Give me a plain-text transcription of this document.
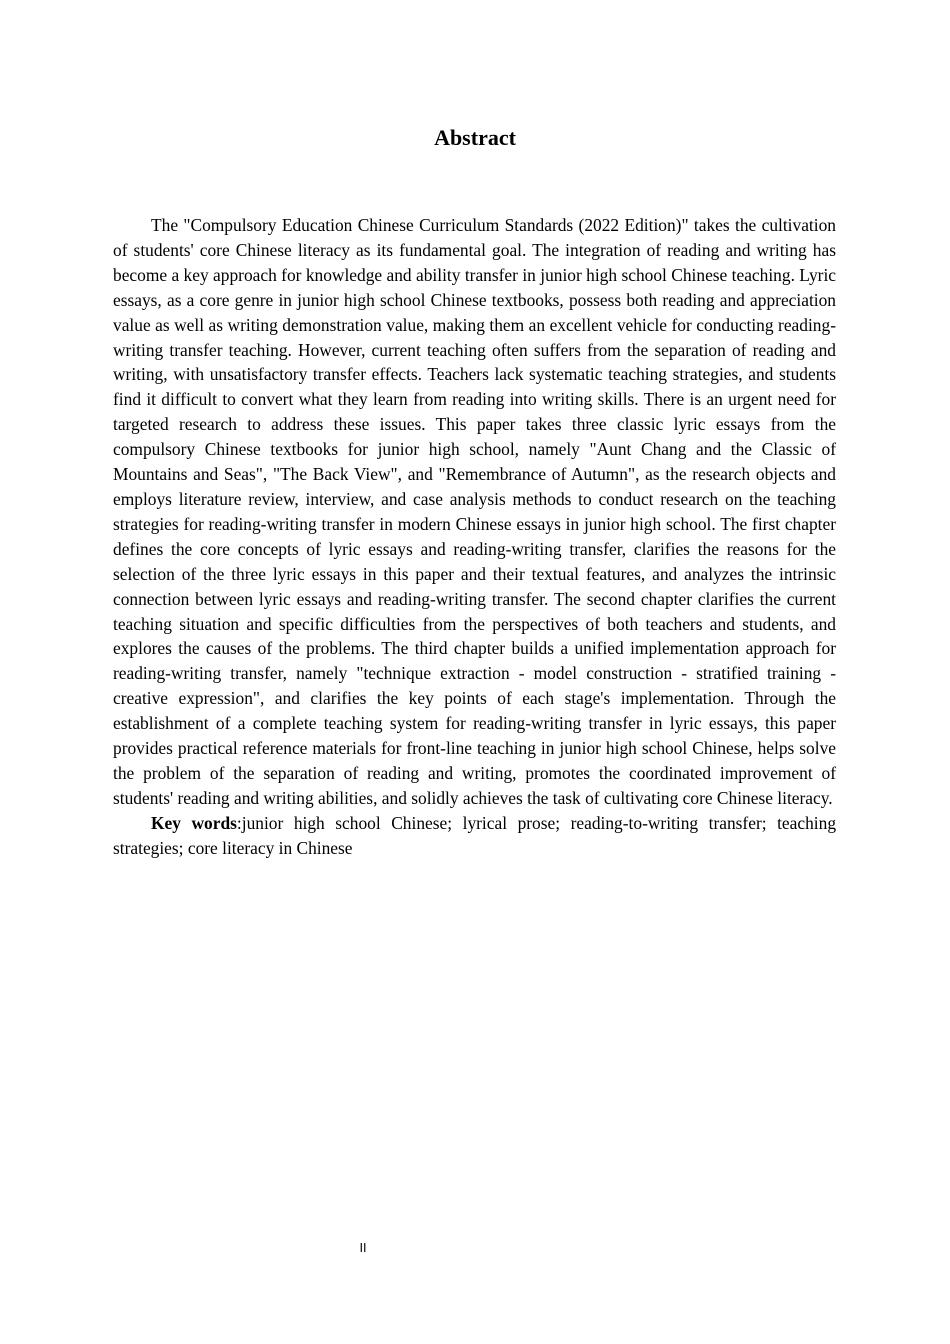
Abstract

The "Compulsory Education Chinese Curriculum Standards (2022 Edition)" takes the cultivation of students' core Chinese literacy as its fundamental goal. The integration of reading and writing has become a key approach for knowledge and ability transfer in junior high school Chinese teaching. Lyric essays, as a core genre in junior high school Chinese textbooks, possess both reading and appreciation value as well as writing demonstration value, making them an excellent vehicle for conducting reading-writing transfer teaching. However, current teaching often suffers from the separation of reading and writing, with unsatisfactory transfer effects. Teachers lack systematic teaching strategies, and students find it difficult to convert what they learn from reading into writing skills. There is an urgent need for targeted research to address these issues. This paper takes three classic lyric essays from the compulsory Chinese textbooks for junior high school, namely "Aunt Chang and the Classic of Mountains and Seas", "The Back View", and "Remembrance of Autumn", as the research objects and employs literature review, interview, and case analysis methods to conduct research on the teaching strategies for reading-writing transfer in modern Chinese essays in junior high school. The first chapter defines the core concepts of lyric essays and reading-writing transfer, clarifies the reasons for the selection of the three lyric essays in this paper and their textual features, and analyzes the intrinsic connection between lyric essays and reading-writing transfer. The second chapter clarifies the current teaching situation and specific difficulties from the perspectives of both teachers and students, and explores the causes of the problems. The third chapter builds a unified implementation approach for reading-writing transfer, namely "technique extraction - model construction - stratified training - creative expression", and clarifies the key points of each stage's implementation. Through the establishment of a complete teaching system for reading-writing transfer in lyric essays, this paper provides practical reference materials for front-line teaching in junior high school Chinese, helps solve the problem of the separation of reading and writing, promotes the coordinated improvement of students' reading and writing abilities, and solidly achieves the task of cultivating core Chinese literacy.

Key words:junior high school Chinese; lyrical prose; reading-to-writing transfer; teaching strategies; core literacy in Chinese

II
